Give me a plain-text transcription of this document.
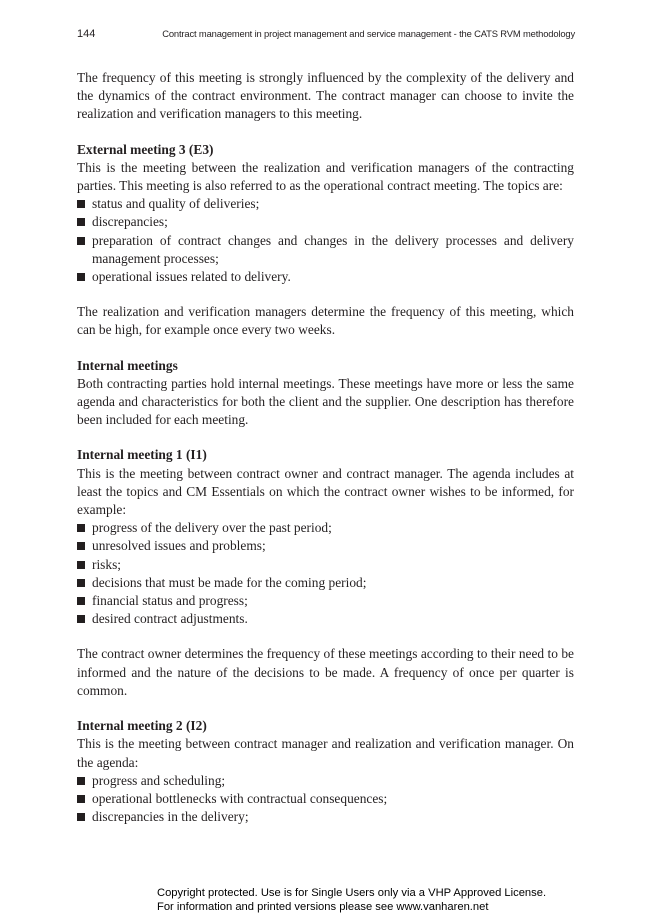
144	Contract management in project management and service management - the CATS RVM methodology

The frequency of this meeting is strongly influenced by the complexity of the delivery and the dynamics of the contract environment. The contract manager can choose to invite the realization and verification managers to this meeting.

External meeting 3 (E3)

This is the meeting between the realization and verification managers of the contracting parties. This meeting is also referred to as the operational contract meeting. The topics are:

status and quality of deliveries;
discrepancies;
preparation of contract changes and changes in the delivery processes and delivery management processes;
operational issues related to delivery.

The realization and verification managers determine the frequency of this meeting, which can be high, for example once every two weeks.

Internal meetings

Both contracting parties hold internal meetings. These meetings have more or less the same agenda and characteristics for both the client and the supplier. One description has therefore been included for each meeting.

Internal meeting 1 (I1)

This is the meeting between contract owner and contract manager. The agenda includes at least the topics and CM Essentials on which the contract owner wishes to be informed, for example:

progress of the delivery over the past period;
unresolved issues and problems;
risks;
decisions that must be made for the coming period;
financial status and progress;
desired contract adjustments.

The contract owner determines the frequency of these meetings according to their need to be informed and the nature of the decisions to be made. A frequency of once per quarter is common.

Internal meeting 2 (I2)

This is the meeting between contract manager and realization and verification manager. On the agenda:

progress and scheduling;
operational bottlenecks with contractual consequences;
discrepancies in the delivery;
Copyright protected. Use is for Single Users only via a VHP Approved License.
For information and printed versions please see www.vanharen.net
